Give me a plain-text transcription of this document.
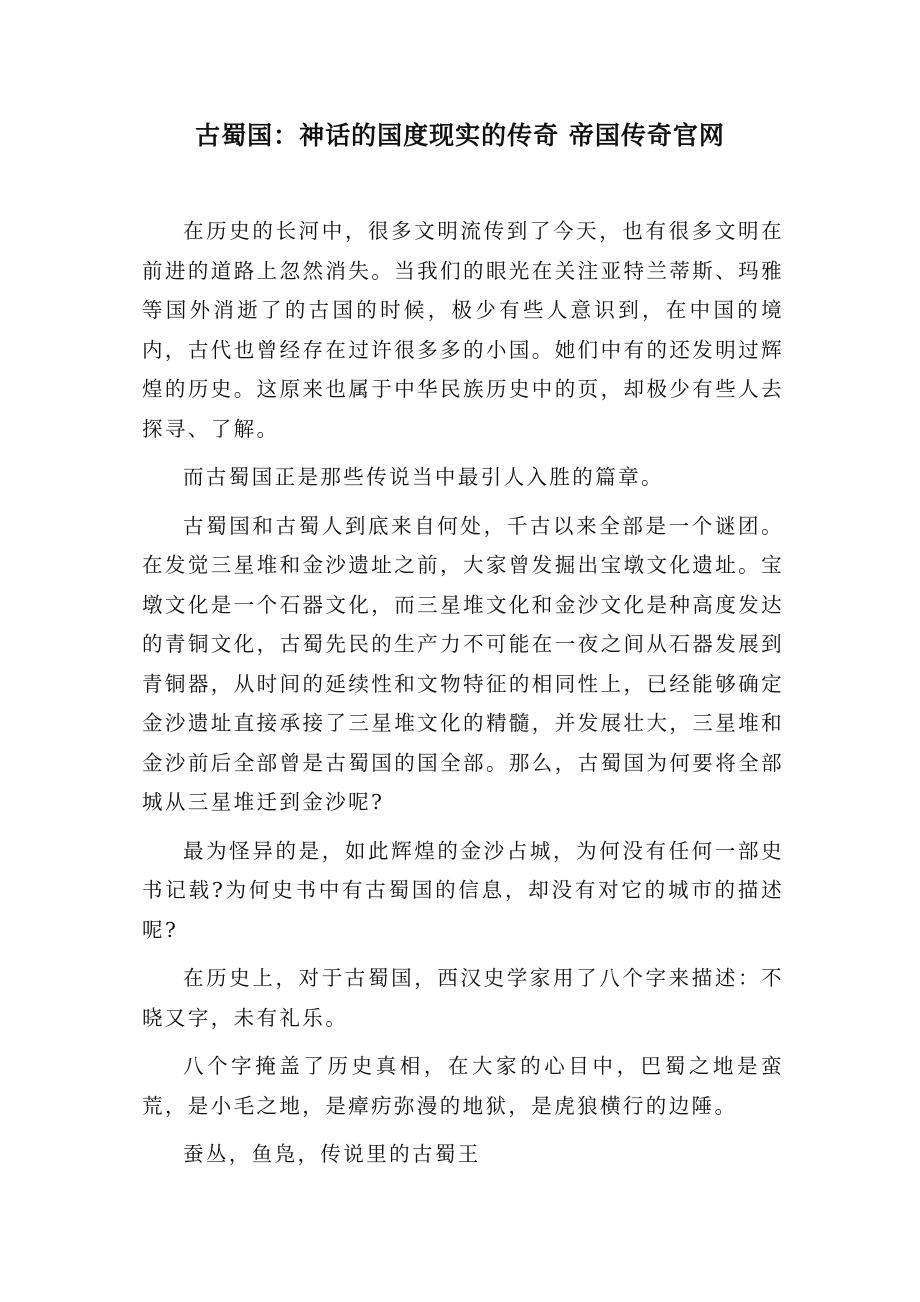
古蜀国：神话的国度现实的传奇 帝国传奇官网

在历史的长河中，很多文明流传到了今天，也有很多文明在前进的道路上忽然消失。当我们的眼光在关注亚特兰蒂斯、玛雅等国外消逝了的古国的时候，极少有些人意识到，在中国的境内，古代也曾经存在过许很多多的小国。她们中有的还发明过辉煌的历史。这原来也属于中华民族历史中的页，却极少有些人去探寻、了解。

而古蜀国正是那些传说当中最引人入胜的篇章。

古蜀国和古蜀人到底来自何处，千古以来全部是一个谜团。在发觉三星堆和金沙遗址之前，大家曾发掘出宝墩文化遗址。宝墩文化是一个石器文化，而三星堆文化和金沙文化是种高度发达的青铜文化，古蜀先民的生产力不可能在一夜之间从石器发展到青铜器，从时间的延续性和文物特征的相同性上，已经能够确定金沙遗址直接承接了三星堆文化的精髓，并发展壮大，三星堆和金沙前后全部曾是古蜀国的国全部。那么，古蜀国为何要将全部城从三星堆迁到金沙呢?

最为怪异的是，如此辉煌的金沙占城，为何没有任何一部史书记载?为何史书中有古蜀国的信息，却没有对它的城市的描述呢?

在历史上，对于古蜀国，西汉史学家用了八个字来描述：不晓又字，未有礼乐。

八个字掩盖了历史真相，在大家的心目中，巴蜀之地是蛮荒，是小毛之地，是瘴疠弥漫的地狱，是虎狼横行的边陲。

蚕丛，鱼凫，传说里的古蜀王
